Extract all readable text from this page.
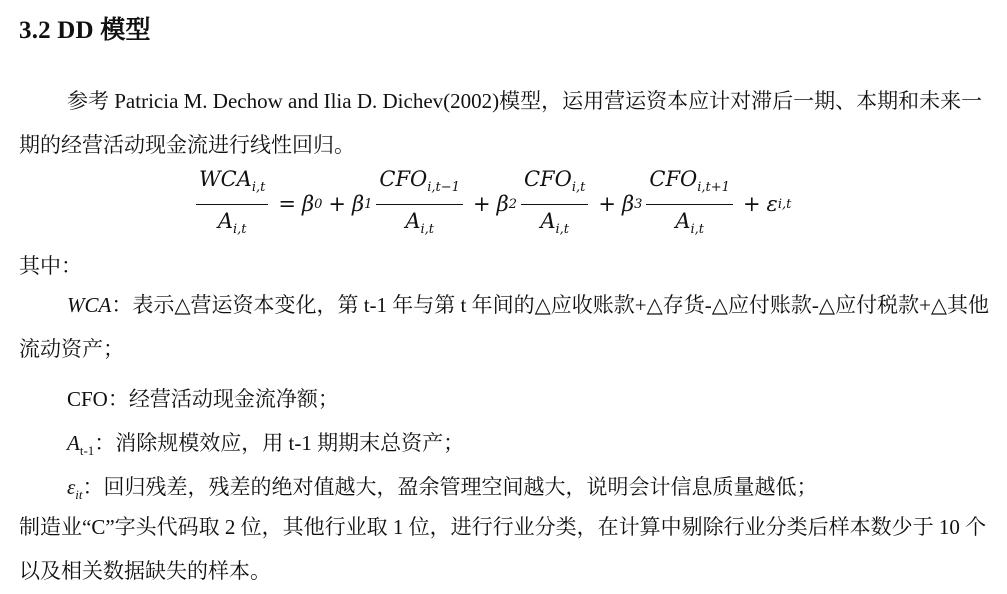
3.2 DD 模型
参考 Patricia M. Dechow and Ilia D. Dichev(2002)模型，运用营运资本应计对滞后一期、本期和未来一期的经营活动现金流进行线性回归。
$\frac{WCA_{i,t}}{A_{i,t}} = \beta$ 0 + β $1 \frac{CFO_{i,t-1}}{A_{i,t}} + \beta$ $2 \frac{CFO_{i,t}}{A_{i,t}} + \beta$ $3 \frac{CFO_{i,t+1}}{A_{i,t}} + \varepsilon$ i,t
其中：
WCA：表示△营运资本变化，第 t-1 年与第 t 年间的△应收账款+△存货-△应付账款-△应付税款+△其他流动资产；
CFO：经营活动现金流净额；
$A_{t-1}$：消除规模效应，用 t-1 期期末总资产；
$\varepsilon_{it}$：回归残差，残差的绝对值越大，盈余管理空间越大，说明会计信息质量越低；
制造业“C”字头代码取 2 位，其他行业取 1 位，进行行业分类，在计算中剔除行业分类后样本数少于 10 个以及相关数据缺失的样本。
